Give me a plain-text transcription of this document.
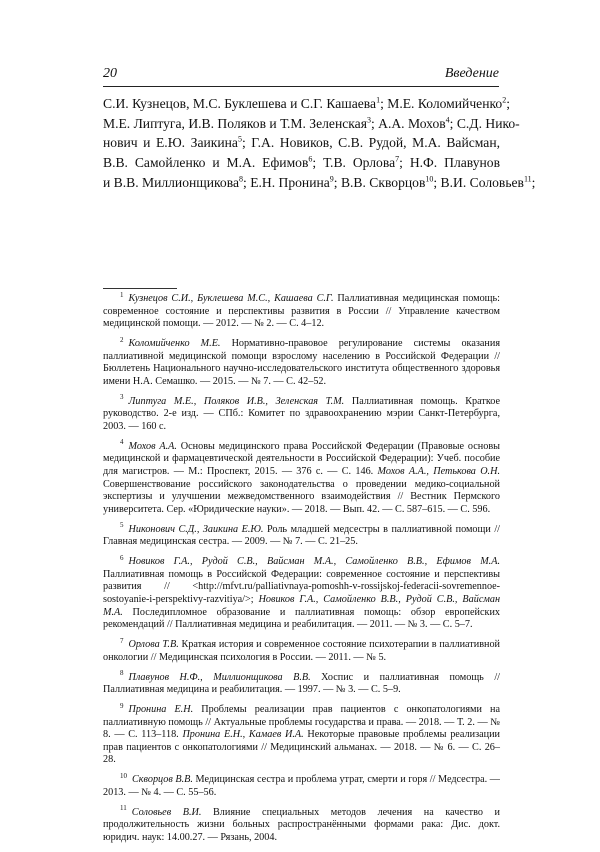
20	Введение
С.И. Кузнецов, М.С. Буклешева и С.Г. Кашаева$^1$; М.Е. Коломийченко$^2$;
М.Е. Липтуга, И.В. Поляков и Т.М. Зеленская$^3$; А.А. Мохов$^4$; С.Д. Нико-
нович и Е.Ю. Заикина$^5$; Г.А. Новиков, С.В. Рудой, М.А. Вайсман,
В.В. Самойленко и М.А. Ефимов$^6$; Т.В. Орлова$^7$; Н.Ф. Плавунов
и В.В. Миллионщикова$^8$; Е.Н. Пронина$^9$; В.В. Скворцов$^{10}$; В.И. Соловьев$^{11}$;
$^1$ Кузнецов С.И., Буклешева М.С., Кашаева С.Г. Паллиативная медицинская помощь: современное состояние и перспективы развития в России // Управление качеством медицинской помощи. — 2012. — № 2. — С. 4–12.
$^2$ Коломийченко М.Е. Нормативно-правовое регулирование системы оказания паллиативной медицинской помощи взрослому населению в Российской Федерации // Бюллетень Национального научно-исследовательского института общественного здоровья имени Н.А. Семашко. — 2015. — № 7. — С. 42–52.
$^3$ Липтуга М.Е., Поляков И.В., Зеленская Т.М. Паллиативная помощь. Краткое руководство. 2-е изд. — СПб.: Комитет по здравоохранению мэрии Санкт-Петербурга, 2003. — 160 с.
$^4$ Мохов А.А. Основы медицинского права Российской Федерации (Правовые основы медицинской и фармацевтической деятельности в Российской Федерации): Учеб. пособие для магистров. — М.: Проспект, 2015. — 376 с. — С. 146. Мохов А.А., Петькова О.Н. Совершенствование российского законодательства о проведении медико-социальной экспертизы и улучшении межведомственного взаимодействия // Вестник Пермского университета. Сер. «Юридические науки». — 2018. — Вып. 42. — С. 587–615. — С. 596.
$^5$ Никонович С.Д., Заикина Е.Ю. Роль младшей медсестры в паллиативной помощи // Главная медицинская сестра. — 2009. — № 7. — С. 21–25.
$^6$ Новиков Г.А., Рудой С.В., Вайсман М.А., Самойленко В.В., Ефимов М.А. Паллиативная помощь в Российской Федерации: современное состояние и перспективы развития // <http://mfvt.ru/palliativnaya-pomoshh-v-rossijskoj-federacii-sovremennoe-sostoyanie-i-perspektivy-razvitiya/>; Новиков Г.А., Самойленко В.В., Рудой С.В., Вайсман М.А. Последипломное образование и паллиативная помощь: обзор европейских рекомендаций // Паллиативная медицина и реабилитация. — 2011. — № 3. — С. 5–7.
$^7$ Орлова Т.В. Краткая история и современное состояние психотерапии в паллиативной онкологии // Медицинская психология в России. — 2011. — № 5.
$^8$ Плавунов Н.Ф., Миллионщикова В.В. Хоспис и паллиативная помощь // Паллиативная медицина и реабилитация. — 1997. — № 3. — С. 5–9.
$^9$ Пронина Е.Н. Проблемы реализации прав пациентов с онкопатологиями на паллиативную помощь // Актуальные проблемы государства и права. — 2018. — Т. 2. — № 8. — С. 113–118. Пронина Е.Н., Камаев И.А. Некоторые правовые проблемы реализации прав пациентов с онкопатологиями // Медицинский альманах. — 2018. — № 6. — С. 26–28.
$^{10}$ Скворцов В.В. Медицинская сестра и проблема утрат, смерти и горя // Медсестра. — 2013. — № 4. — С. 55–56.
$^{11}$ Соловьев В.И. Влияние специальных методов лечения на качество и продолжительность жизни больных распространёнными формами рака: Дис. докт. юридич. наук: 14.00.27. — Рязань, 2004.
